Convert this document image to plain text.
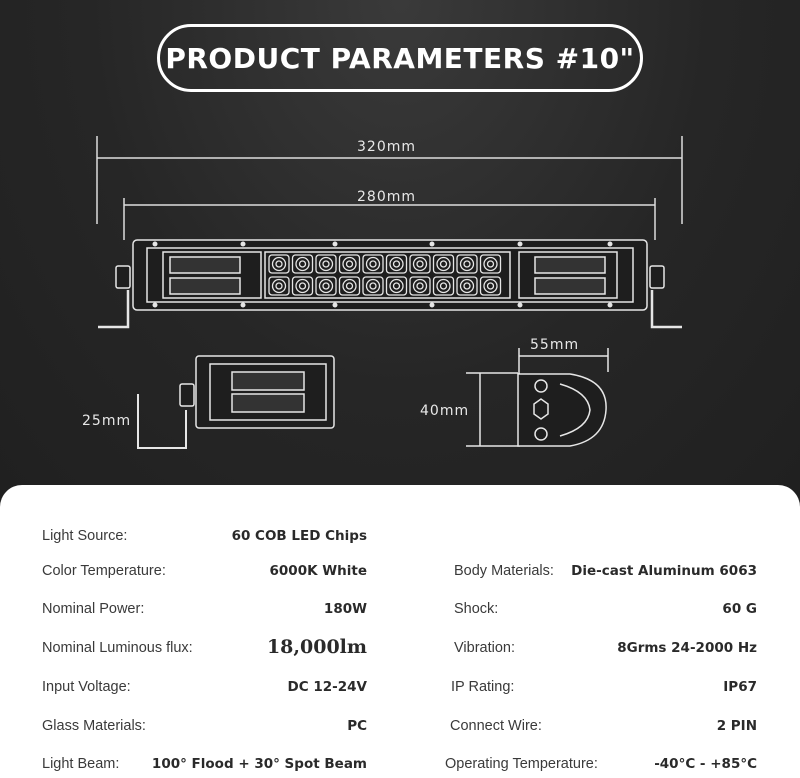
PRODUCT PARAMETERS #10"
320mm
280mm
25mm
55mm
40mm
Light Source:	60 COB LED Chips
Color Temperature:	6000K White
Nominal Power:	180W
Nominal Luminous flux:	18,000lm
Input Voltage:	DC 12-24V
Glass Materials:	PC
Light Beam: 100° Flood + 30° Spot Beam
Body Materials: Die-cast Aluminum 6063
Shock:	60 G
Vibration:	8Grms 24-2000 Hz
IP Rating:	IP67
Connect Wire:	2 PIN
Operating Temperature:	-40°C - +85°C
